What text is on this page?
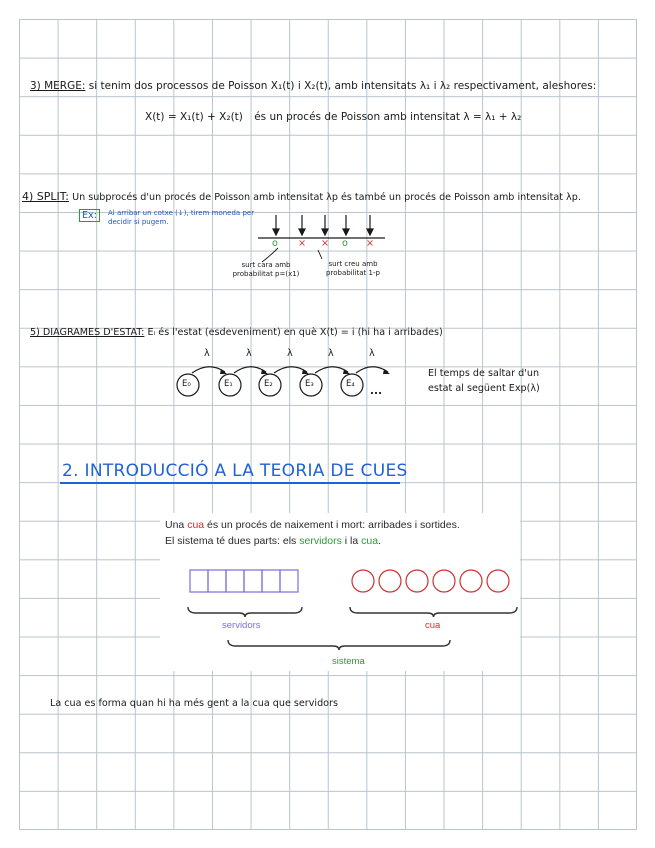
3) MERGE: si tenim dos processos de Poisson X₁(t) i X₂(t), amb intensitats λ₁ i λ₂ respectivament, aleshores:
X(t) = X₁(t) + X₂(t) és un procés de Poisson amb intensitat λ = λ₁ + λ₂
4) SPLIT: Un subprocés d'un procés de Poisson amb intensitat λp és també un procés de Poisson amb intensitat λp.
Ex:	Al arribar un cotxe (↓), tirem moneda per decidir si pugem.
o × × o ×
surt cara amb probabilitat p=(x1)
surt creu amb probabilitat 1-p
5) DIAGRAMES D'ESTAT: Eᵢ és l'estat (esdeveniment) en què X(t) = i (hi ha i arribades)
E₀	E₁	E₂	E₃	E₄
λ	λ	λ	λ	λ
...
El temps de saltar d'un
estat al següent Exp(λ)
2. INTRODUCCIÓ A LA TEORIA DE CUES
Una cua és un procés de naixement i mort: arribades i sortides.
El sistema té dues parts: els servidors i la cua.
servidors	cua
sistema
La cua es forma quan hi ha més gent a la cua que servidors
